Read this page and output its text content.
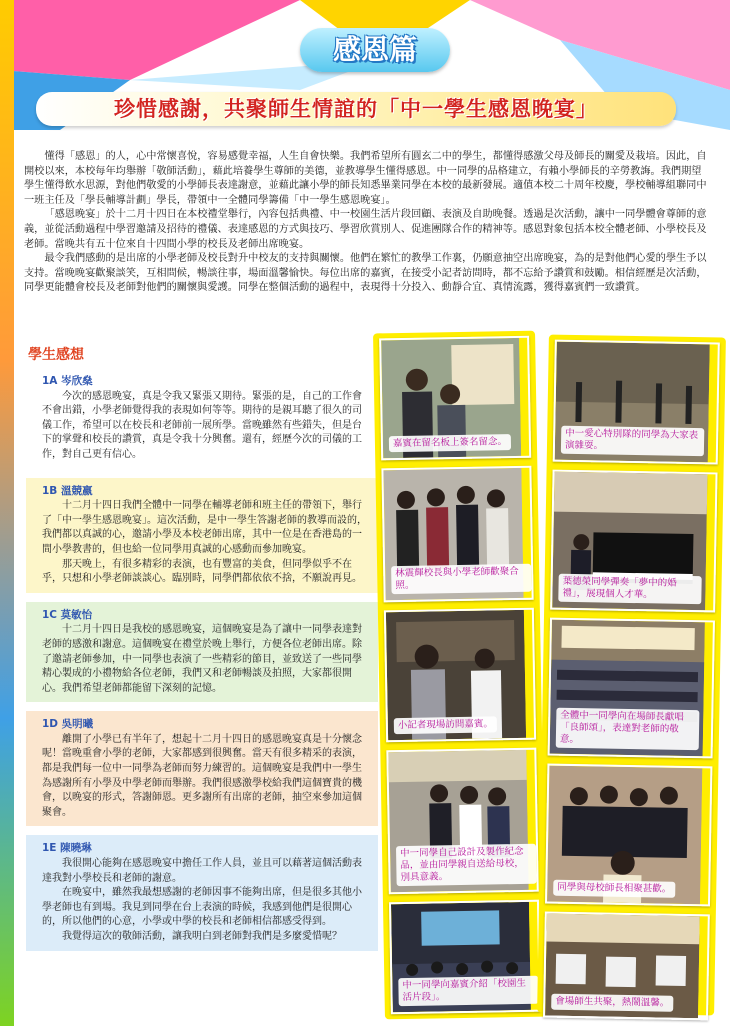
感恩篇
珍惜感謝，共聚師生情誼的「中一學生感恩晚宴」

懂得「感恩」的人，心中常懷喜悅，容易感覺幸福，人生自會快樂。我們希望所有圓玄二中的學生，都懂得感激父母及師長的關愛及栽培。因此，自開校以來，本校每年均舉辦「敬師活動」，藉此培養學生尊師的美德，並教導學生懂得感恩。中一同學的品格建立，有賴小學師長的辛勞教誨。我們期望學生懂得飲水思源，對他們敬愛的小學師長表達謝意，並藉此讓小學的師長知悉畢業同學在本校的最新發展。適值本校二十周年校慶，學校輔導組聯同中一班主任及「學長輔導計劃」學長，帶領中一全體同學籌備「中一學生感恩晚宴」。

「感恩晚宴」於十二月十四日在本校禮堂舉行，內容包括典禮、中一校園生活片段回顧、表演及自助晚餐。透過是次活動，讓中一同學體會尊師的意義，並從活動過程中學習邀請及招待的禮儀、表達感恩的方式與技巧、學習欣賞別人、促進團隊合作的精神等。感恩對象包括本校全體老師、小學校長及老師。當晚共有五十位來自十四間小學的校長及老師出席晚宴。

最令我們感動的是出席的小學老師及校長對升中校友的支持與關懷。他們在繁忙的教學工作裏，仍願意抽空出席晚宴，為的是對他們心愛的學生予以支持。當晚晚宴歡聚談笑，互相問候，暢談往事，場面溫馨愉快。每位出席的嘉賓，在接受小記者訪問時，都不忘給予讚賞和鼓勵。相信經歷是次活動，同學更能體會校長及老師對他們的關懷與愛護。同學在整個活動的過程中，表現得十分投入、動靜合宜、真情流露，獲得嘉賓們一致讚賞。

學生感想
1A 岑欣燊

今次的感恩晚宴，真是令我又緊張又期待。緊張的是，自己的工作會不會出錯，小學老師覺得我的表現如何等等。期待的是親耳聽了很久的司儀工作，希望可以在校長和老師前一展所學。當晚雖然有些錯失，但是台下的掌聲和校長的讚賞，真是令我十分興奮。還有，經歷今次的司儀的工作，對自己更有信心。

1B 溫競嬴

十二月十四日我們全體中一同學在輔導老師和班主任的帶領下，舉行了「中一學生感恩晚宴」。這次活動，是中一學生答謝老師的教導而設的，我們都以真誠的心，邀請小學及本校老師出席，其中一位是在香港島的一間小學教書的，但也給一位同學用真誠的心感動而參加晚宴。

那天晚上，有很多精彩的表演，也有豐富的美食，但同學似乎不在乎，只想和小學老師談談心。臨別時，同學們都依依不捨，不願說再見。

1C 莫敏怡

十二月十四日是我校的感恩晚宴，這個晚宴是為了讓中一同學表達對老師的感激和謝意。這個晚宴在禮堂於晚上舉行，方便各位老師出席。除了邀請老師參加，中一同學也表演了一些精彩的節目，並致送了一些同學精心製成的小禮物給各位老師，我們又和老師暢談及拍照，大家都很開心。我們希望老師都能留下深刻的記憶。

1D 吳明曦

離開了小學已有半年了，想起十二月十四日的感恩晚宴真是十分懷念呢！當晚重會小學的老師，大家都感到很興奮。當天有很多精采的表演，都是我們每一位中一同學為老師而努力練習的。這個晚宴是我們中一學生為感謝所有小學及中學老師而舉辦。我們很感激學校給我們這個寶貴的機會，以晚宴的形式，答謝師恩。更多謝所有出席的老師，抽空來參加這個聚會。

1E 陳曉琳

我很開心能夠在感恩晚宴中擔任工作人員，並且可以藉著這個活動表達我對小學校長和老師的謝意。

在晚宴中，雖然我最想感謝的老師因事不能夠出席，但是很多其他小學老師也有到場。我見到同學在台上表演的時候，我感到他們是很開心的，所以他們的心意，小學或中學的校長和老師相信都感受得到。

我覺得這次的敬師活動，讓我明白到老師對我們是多麼愛惜呢？

嘉賓在留名板上簽名留念。
林震輝校長與小學老師歡聚合照。
小記者現場訪問嘉賓。
中一同學自己設計及製作紀念品，並由同學親自送給母校，別具意義。
中一同學向嘉賓介紹「校園生活片段」。
中一愛心特別隊的同學為大家表演雜耍。
葉德榮同學彈奏「夢中的婚禮」，展現個人才華。
全體中一同學向在場師長獻唱「良師頌」，表達對老師的敬意。
同學與母校師長相聚甚歡。
會場師生共聚，熱鬧溫馨。
